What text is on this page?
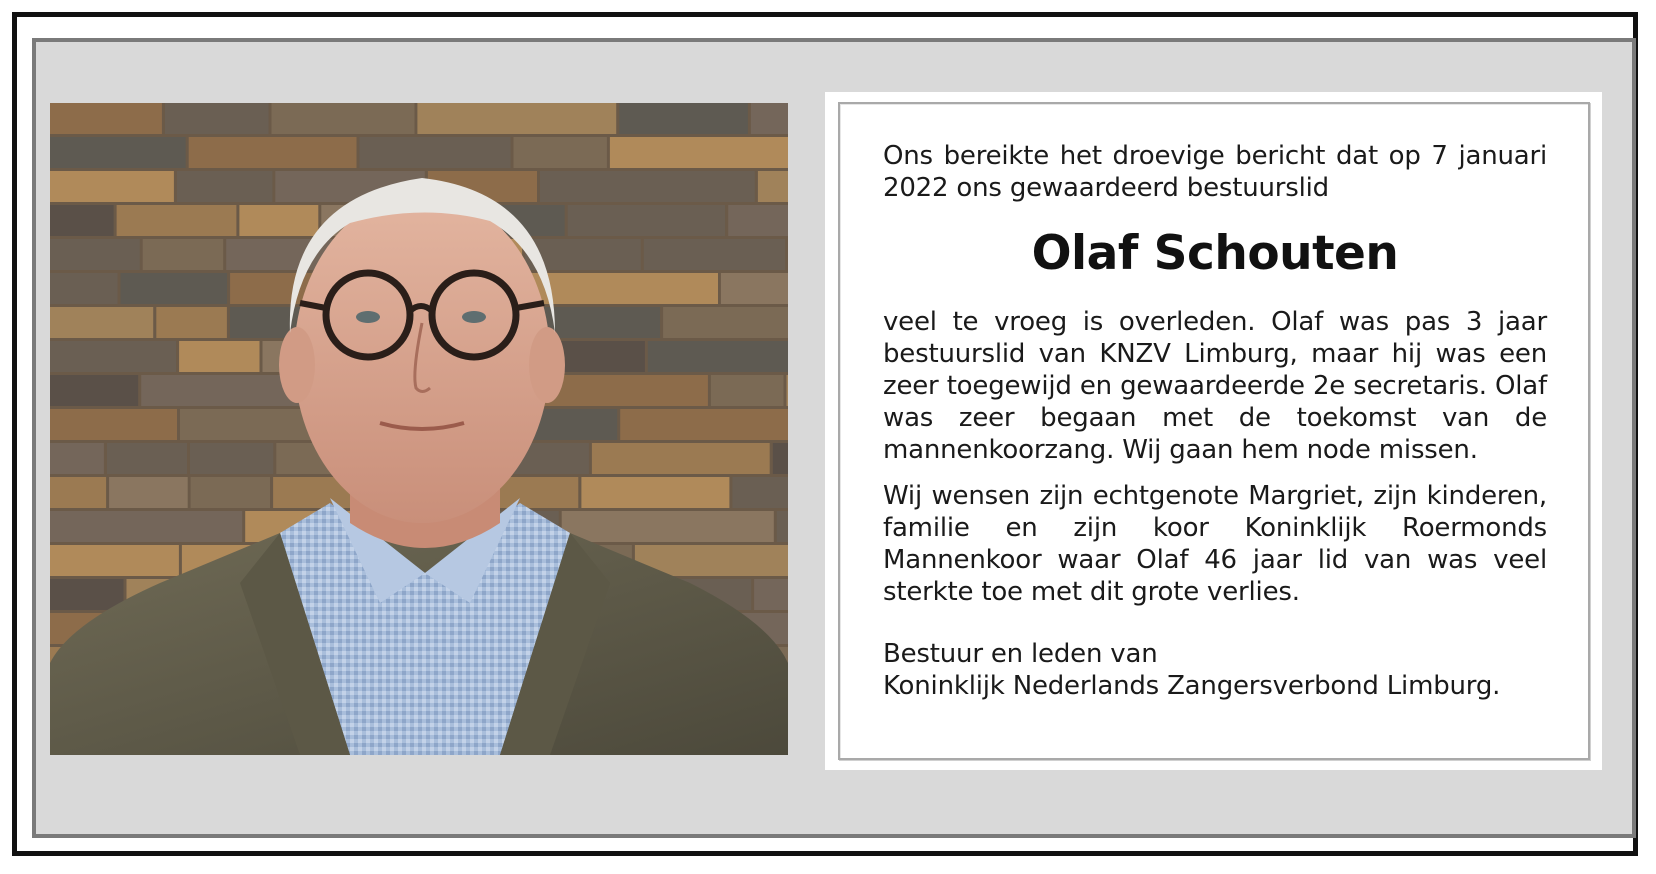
Ons bereikte het droevige bericht dat op 7 januari 2022 ons gewaardeerd bestuurslid

Olaf Schouten

veel te vroeg is overleden. Olaf was pas 3 jaar bestuurslid van KNZV Limburg, maar hij was een zeer toegewijd en gewaardeerde 2e secretaris. Olaf was zeer begaan met de toekomst van de mannenkoorzang. Wij gaan hem node missen.

Wij wensen zijn echtgenote Margriet, zijn kinderen, familie en zijn koor Koninklijk Roermonds Mannenkoor waar Olaf 46 jaar lid van was veel sterkte toe met dit grote verlies.

Bestuur en leden van
Koninklijk Nederlands Zangersverbond Limburg.
